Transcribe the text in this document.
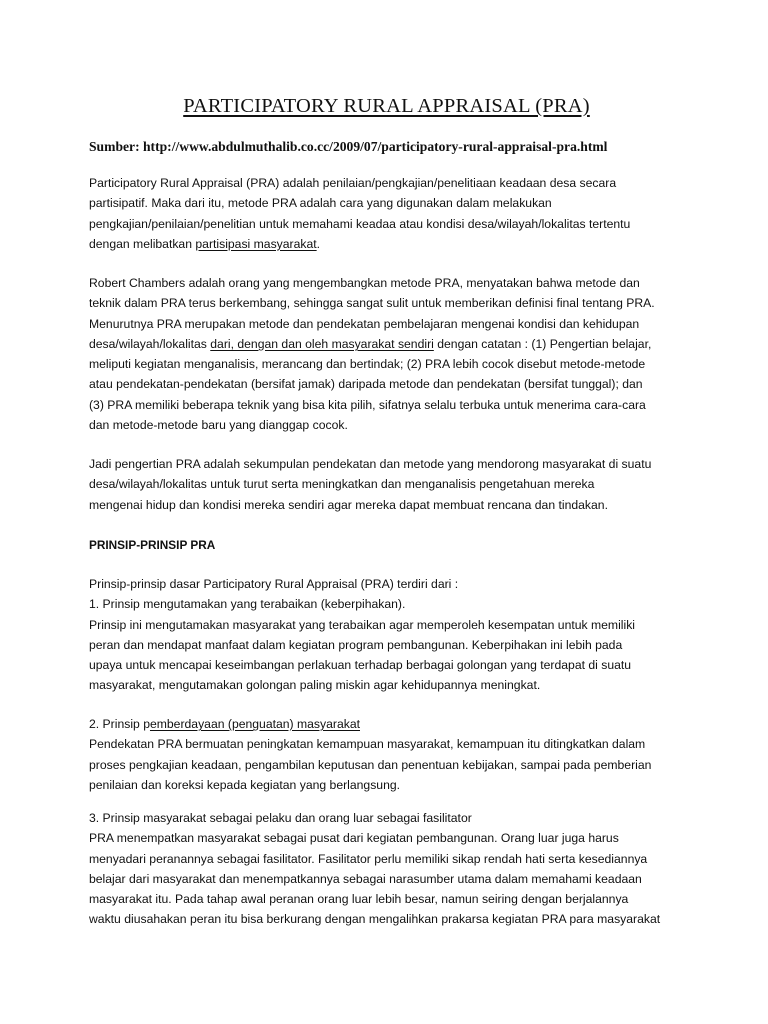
PARTICIPATORY RURAL APPRAISAL (PRA)
Sumber: http://www.abdulmuthalib.co.cc/2009/07/participatory-rural-appraisal-pra.html
Participatory Rural Appraisal (PRA) adalah penilaian/pengkajian/penelitiaan keadaan desa secara
partisipatif. Maka dari itu, metode PRA adalah cara yang digunakan dalam melakukan
pengkajian/penilaian/penelitian untuk memahami keadaa atau kondisi desa/wilayah/lokalitas tertentu
dengan melibatkan partisipasi masyarakat.
Robert Chambers adalah orang yang mengembangkan metode PRA, menyatakan bahwa metode dan
teknik dalam PRA terus berkembang, sehingga sangat sulit untuk memberikan definisi final tentang PRA.
Menurutnya PRA merupakan metode dan pendekatan pembelajaran mengenai kondisi dan kehidupan
desa/wilayah/lokalitas dari, dengan dan oleh masyarakat sendiri dengan catatan : (1) Pengertian belajar,
meliputi kegiatan menganalisis, merancang dan bertindak; (2) PRA lebih cocok disebut metode-metode
atau pendekatan-pendekatan (bersifat jamak) daripada metode dan pendekatan (bersifat tunggal); dan
(3) PRA memiliki beberapa teknik yang bisa kita pilih, sifatnya selalu terbuka untuk menerima cara-cara
dan metode-metode baru yang dianggap cocok.
Jadi pengertian PRA adalah sekumpulan pendekatan dan metode yang mendorong masyarakat di suatu
desa/wilayah/lokalitas untuk turut serta meningkatkan dan menganalisis pengetahuan mereka
mengenai hidup dan kondisi mereka sendiri agar mereka dapat membuat rencana dan tindakan.
PRINSIP-PRINSIP PRA
Prinsip-prinsip dasar Participatory Rural Appraisal (PRA) terdiri dari :
1. Prinsip mengutamakan yang terabaikan (keberpihakan).
Prinsip ini mengutamakan masyarakat yang terabaikan agar memperoleh kesempatan untuk memiliki
peran dan mendapat manfaat dalam kegiatan program pembangunan. Keberpihakan ini lebih pada
upaya untuk mencapai keseimbangan perlakuan terhadap berbagai golongan yang terdapat di suatu
masyarakat, mengutamakan golongan paling miskin agar kehidupannya meningkat.
2. Prinsip pemberdayaan (penguatan) masyarakat
Pendekatan PRA bermuatan peningkatan kemampuan masyarakat, kemampuan itu ditingkatkan dalam
proses pengkajian keadaan, pengambilan keputusan dan penentuan kebijakan, sampai pada pemberian
penilaian dan koreksi kepada kegiatan yang berlangsung.
3. Prinsip masyarakat sebagai pelaku dan orang luar sebagai fasilitator
PRA menempatkan masyarakat sebagai pusat dari kegiatan pembangunan. Orang luar juga harus
menyadari peranannya sebagai fasilitator. Fasilitator perlu memiliki sikap rendah hati serta kesediannya
belajar dari masyarakat dan menempatkannya sebagai narasumber utama dalam memahami keadaan
masyarakat itu. Pada tahap awal peranan orang luar lebih besar, namun seiring dengan berjalannya
waktu diusahakan peran itu bisa berkurang dengan mengalihkan prakarsa kegiatan PRA para masyarakat
